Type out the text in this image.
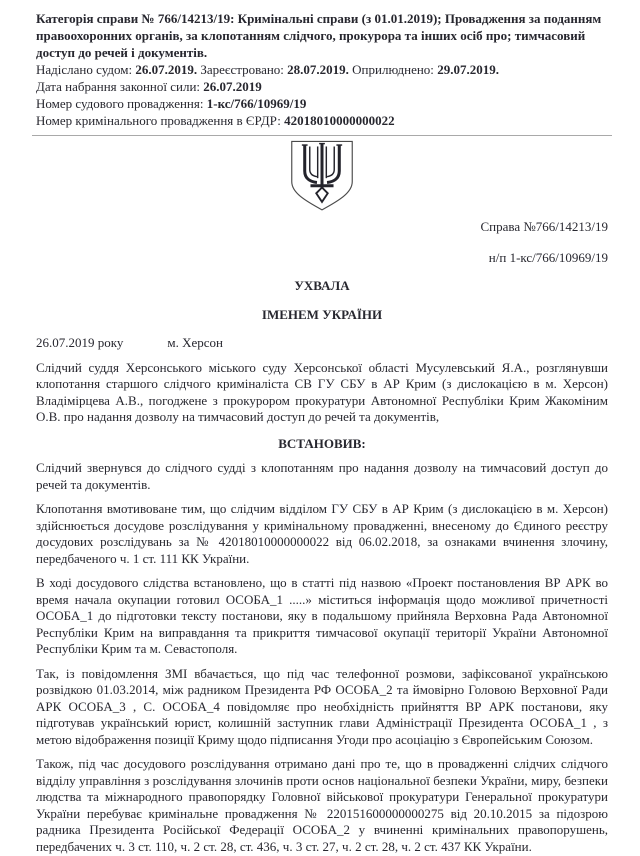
Категорія справи № 766/14213/19: Кримінальні справи (з 01.01.2019); Провадження за поданням правоохоронних органів, за клопотанням слідчого, прокурора та інших осіб про; тимчасовий доступ до речей і документів.
Надіслано судом: 26.07.2019. Зареєстровано: 28.07.2019. Оприлюднено: 29.07.2019.
Дата набрання законної сили: 26.07.2019
Номер судового провадження: 1-кс/766/10969/19
Номер кримінального провадження в ЄРДР: 42018010000000022
Справа №766/14213/19
н/п 1-кс/766/10969/19
УХВАЛА
ІМЕНЕМ УКРАЇНИ
26.07.2019 року	м. Херсон

Слідчий суддя Херсонського міського суду Херсонської області Мусулевський Я.А., розглянувши клопотання старшого слідчого криміналіста СВ ГУ СБУ в АР Крим (з дислокацією в м. Херсон) Владімірцева А.В., погоджене з прокурором прокуратури Автономної Республіки Крим Жакоміним О.В. про надання дозволу на тимчасовий доступ до речей та документів,

ВСТАНОВИВ:

Слідчий звернувся до слідчого судді з клопотанням про надання дозволу на тимчасовий доступ до речей та документів.

Клопотання вмотивоване тим, що слідчим відділом ГУ СБУ в АР Крим (з дислокацією в м. Херсон) здійснюється досудове розслідування у кримінальному провадженні, внесеному до Єдиного реєстру досудових розслідувань за № 42018010000000022 від 06.02.2018, за ознаками вчинення злочину, передбаченого ч. 1 ст. 111 КК України.

В ході досудового слідства встановлено, що в статті під назвою «Проект постановления ВР АРК во время начала окупации готовил ОСОБА_1 .....» міститься інформація щодо можливої причетності ОСОБА_1 до підготовки тексту постанови, яку в подальшому прийняла Верховна Рада Автономної Республіки Крим на виправдання та прикриття тимчасової окупації території України Автономної Республіки Крим та м. Севастополя.

Так, із повідомлення ЗМІ вбачається, що під час телефонної розмови, зафіксованої українською розвідкою 01.03.2014, між радником Президента РФ ОСОБА_2 та ймовірно Головою Верховної Ради АРК ОСОБА_3 , С. ОСОБА_4 повідомляє про необхідність прийняття ВР АРК постанови, яку підготував український юрист, колишній заступник глави Адміністрації Президента ОСОБА_1 , з метою відображення позиції Криму щодо підписання Угоди про асоціацію з Європейським Союзом.

Також, під час досудового розслідування отримано дані про те, що в провадженні слідчих слідчого відділу управління з розслідування злочинів проти основ національної безпеки України, миру, безпеки людства та міжнародного правопорядку Головної військової прокуратури Генеральної прокуратури України перебуває кримінальне провадження № 220151600000000275 від 20.10.2015 за підозрою радника Президента Російської Федерації ОСОБА_2 у вчиненні кримінальних правопорушень, передбачених ч. 3 ст. 110, ч. 2 ст. 28, ст. 436, ч. 3 ст. 27, ч. 2 ст. 28, ч. 2 ст. 437 КК України.
